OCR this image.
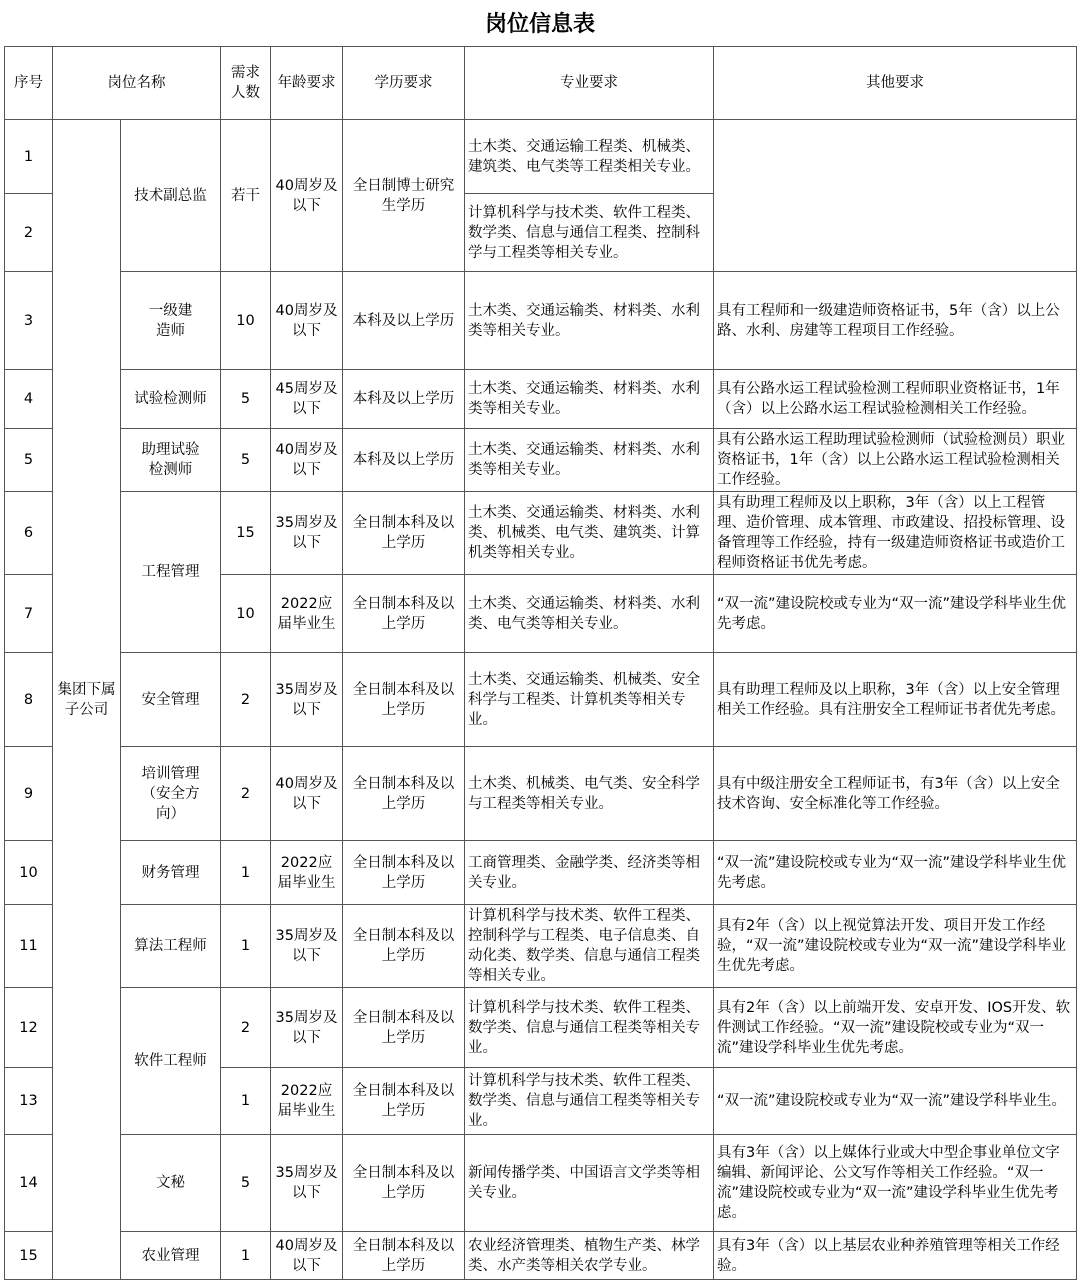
岗位信息表
序号	岗位名称		需求人数	年龄要求	学历要求	专业要求	其他要求
1	集团下属子公司	技术副总监	若干	40周岁及以下	全日制博士研究生学历	土木类、交通运输工程类、机械类、建筑类、电气类等工程类相关专业。	
2						计算机科学与技术类、软件工程类、数学类、信息与通信工程类、控制科学与工程类等相关专业。	
3		一级建造师	10	40周岁及以下	本科及以上学历	土木类、交通运输类、材料类、水利类等相关专业。	具有工程师和一级建造师资格证书，5年（含）以上公路、水利、房建等工程项目工作经验。
4		试验检测师	5	45周岁及以下	本科及以上学历	土木类、交通运输类、材料类、水利类等相关专业。	具有公路水运工程试验检测工程师职业资格证书，1年（含）以上公路水运工程试验检测相关工作经验。
5		助理试验检测师	5	40周岁及以下	本科及以上学历	土木类、交通运输类、材料类、水利类等相关专业。	具有公路水运工程助理试验检测师（试验检测员）职业资格证书，1年（含）以上公路水运工程试验检测相关工作经验。
6		工程管理	15	35周岁及以下	全日制本科及以上学历	土木类、交通运输类、材料类、水利类、机械类、电气类、建筑类、计算机类等相关专业。	具有助理工程师及以上职称，3年（含）以上工程管理、造价管理、成本管理、市政建设、招投标管理、设备管理等工作经验，持有一级建造师资格证书或造价工程师资格证书优先考虑。
7			10	2022应届毕业生	全日制本科及以上学历	土木类、交通运输类、材料类、水利类、电气类等相关专业。	“双一流”建设院校或专业为“双一流”建设学科毕业生优先考虑。
8		安全管理	2	35周岁及以下	全日制本科及以上学历	土木类、交通运输类、机械类、安全科学与工程类、计算机类等相关专业。	具有助理工程师及以上职称，3年（含）以上安全管理相关工作经验。具有注册安全工程师证书者优先考虑。
9		培训管理（安全方向）	2	40周岁及以下	全日制本科及以上学历	土木类、机械类、电气类、安全科学与工程类等相关专业。	具有中级注册安全工程师证书，有3年（含）以上安全技术咨询、安全标准化等工作经验。
10		财务管理	1	2022应届毕业生	全日制本科及以上学历	工商管理类、金融学类、经济类等相关专业。	“双一流”建设院校或专业为“双一流”建设学科毕业生优先考虑。
11		算法工程师	1	35周岁及以下	全日制本科及以上学历	计算机科学与技术类、软件工程类、控制科学与工程类、电子信息类、自动化类、数学类、信息与通信工程类等相关专业。	具有2年（含）以上视觉算法开发、项目开发工作经验，“双一流”建设院校或专业为“双一流”建设学科毕业生优先考虑。
12		软件工程师	2	35周岁及以下	全日制本科及以上学历	计算机科学与技术类、软件工程类、数学类、信息与通信工程类等相关专业。	具有2年（含）以上前端开发、安卓开发、IOS开发、软件测试工作经验。“双一流”建设院校或专业为“双一流”建设学科毕业生优先考虑。
13			1	2022应届毕业生	全日制本科及以上学历	计算机科学与技术类、软件工程类、数学类、信息与通信工程类等相关专业。	“双一流”建设院校或专业为“双一流”建设学科毕业生。
14		文秘	5	35周岁及以下	全日制本科及以上学历	新闻传播学类、中国语言文学类等相关专业。	具有3年（含）以上媒体行业或大中型企事业单位文字编辑、新闻评论、公文写作等相关工作经验。“双一流”建设院校或专业为“双一流”建设学科毕业生优先考虑。
15		农业管理	1	40周岁及以下	全日制本科及以上学历	农业经济管理类、植物生产类、林学类、水产类等相关农学专业。	具有3年（含）以上基层农业种养殖管理等相关工作经验。
